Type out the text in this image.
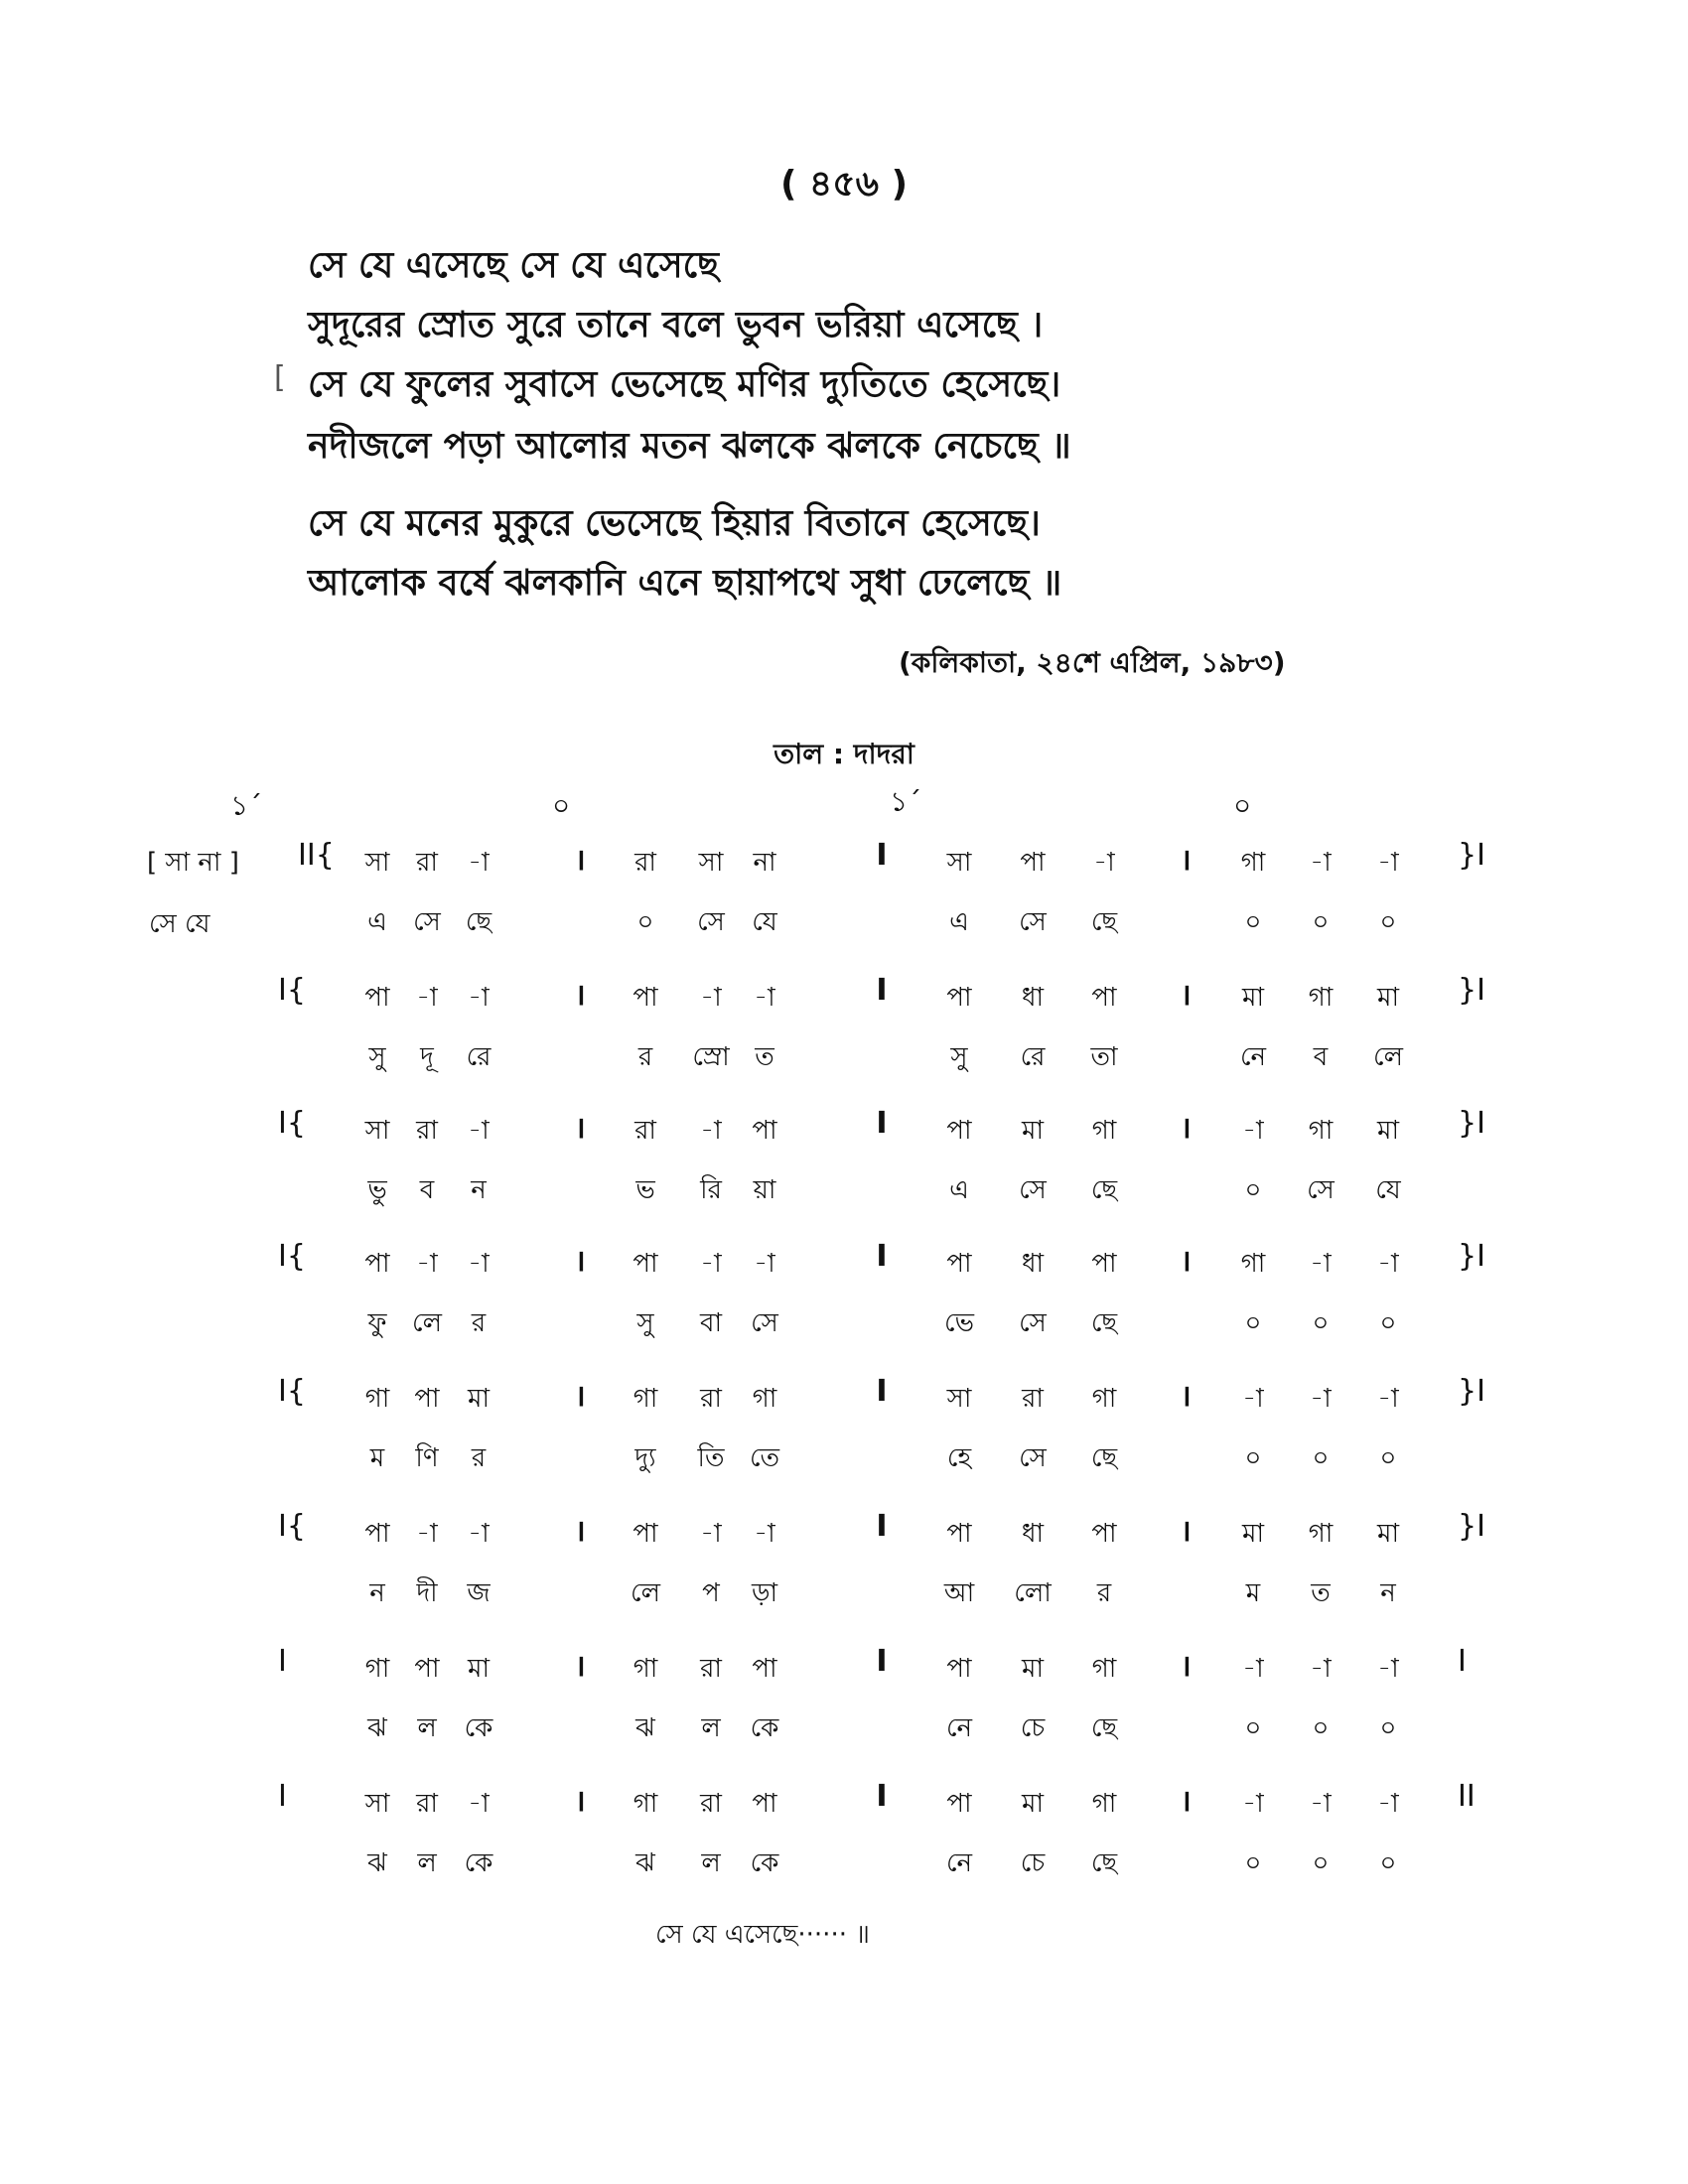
( ৪৫৬ )
সে যে এসেছে সে যে এসেছে
সুদূরের স্রোত সুরে তানে বলে ভুবন ভরিয়া এসেছে ।
সে যে ফুলের সুবাসে ভেসেছে মণির দ্যুতিতে হেসেছে।
নদীজলে পড়া আলোর মতন ঝলকে ঝলকে নেচেছে ॥
সে যে মনের মুকুরে ভেসেছে হিয়ার বিতানে হেসেছে।
আলোক বর্ষে ঝলকানি এনে ছায়াপথে সুধা ঢেলেছে ॥
[
(কলিকাতা, ২৪শে এপ্রিল, ১৯৮৩)
তাল : দাদরা
১´	০	১´	০
[ সা না ]
সে যে
II{ সা রা -া	। রা সা না	I সা পা -া । গা -া -া }I
এ সে ছে	০ সে যে	এ সে ছে	০ ০ ০
I{ পা -া -া	। পা -া -া	I পা ধা পা । মা গা মা }I
সু দূ রে	র স্রো ত	সু রে তা	নে ব লে
I{ সা রা -া	। রা -া পা	I পা মা গা । -া গা মা }I
ভু ব ন	ভ রি য়া	এ সে ছে	০ সে যে
I{ পা -া -া	। পা -া -া	I পা ধা পা । গা -া -া }I
ফু লে র	সু বা সে	ভে সে ছে	০ ০ ০
I{ গা পা মা	। গা রা গা	I সা রা গা । -া -া -া }I
ম ণি র	দ্যু তি তে	হে সে ছে	০ ০ ০
I{ পা -া -া	। পা -া -া	I পা ধা পা । মা গা মা }I
ন দী জ	লে প ড়া	আ লো র	ম ত ন
I	গা পা মা	। গা রা পা	I পা মা গা । -া -া -া I
ঝ ল কে	ঝ ল কে	নে চে ছে	০ ০ ০
I	সা রা -া	। গা রা পা	I পা মা গা । -া -া -া II
ঝ ল কে	ঝ ল কে	নে চে ছে	০ ০ ০
সে যে এসেছে······ ॥
